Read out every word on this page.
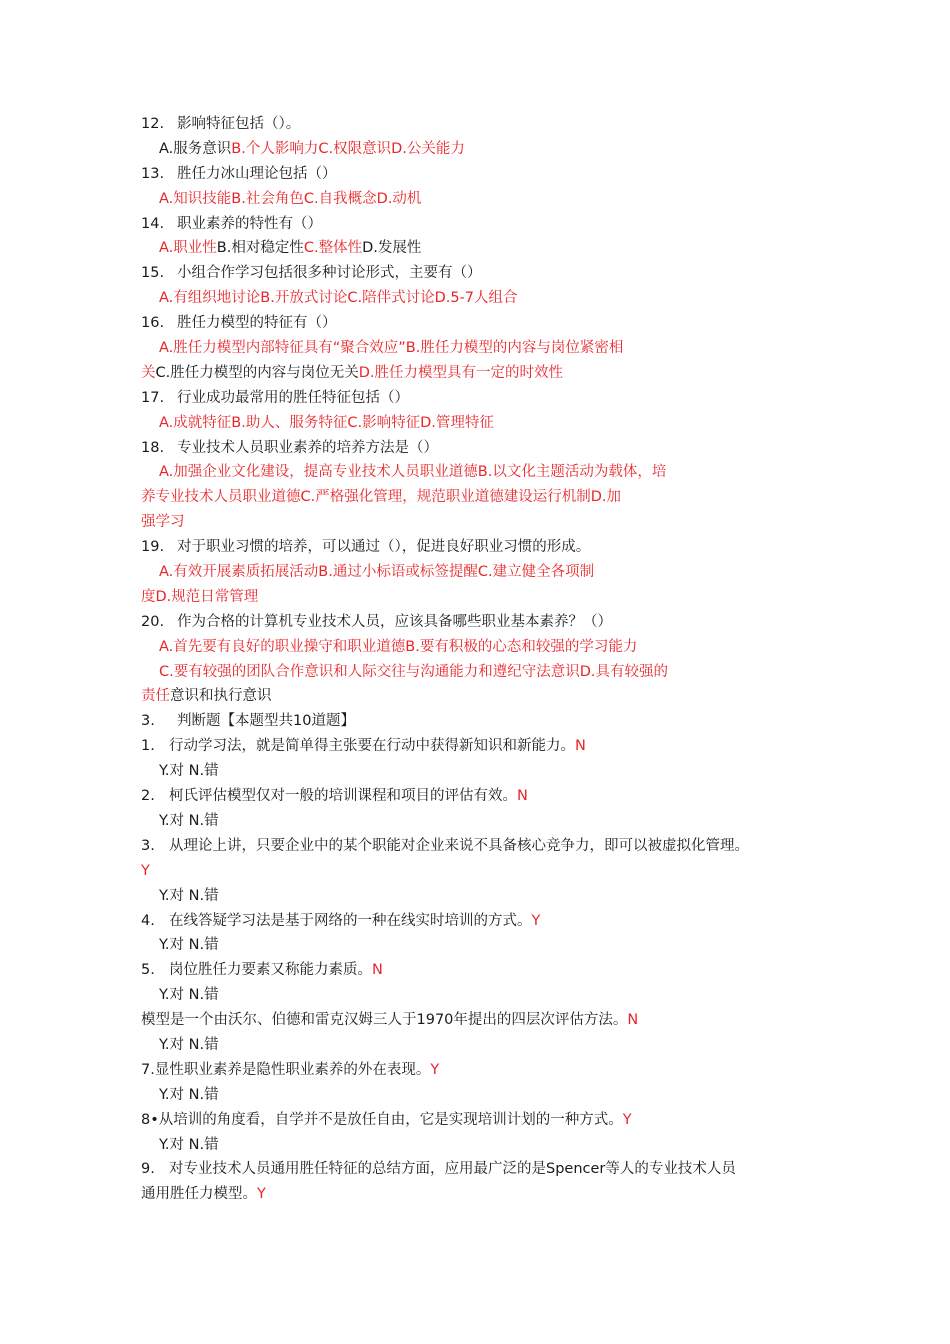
12. 影响特征包括（）。
A.服务意识B.个人影响力C.权限意识D.公关能力
13. 胜任力冰山理论包括（）
A.知识技能B.社会角色C.自我概念D.动机
14. 职业素养的特性有（）
A.职业性B.相对稳定性C.整体性D.发展性
15. 小组合作学习包括很多种讨论形式，主要有（）
A.有组织地讨论B.开放式讨论C.陪伴式讨论D.5-7人组合
16. 胜任力模型的特征有（）
A.胜任力模型内部特征具有“聚合效应”B.胜任力模型的内容与岗位紧密相
关C.胜任力模型的内容与岗位无关D.胜任力模型具有一定的时效性
17. 行业成功最常用的胜任特征包括（）
A.成就特征B.助人、服务特征C.影响特征D.管理特征
18. 专业技术人员职业素养的培养方法是（）
A.加强企业文化建设，提高专业技术人员职业道德B.以文化主题活动为载体，培
养专业技术人员职业道德C.严格强化管理，规范职业道德建设运行机制D.加
强学习
19. 对于职业习惯的培养，可以通过（），促进良好职业习惯的形成。
A.有效开展素质拓展活动B.通过小标语或标签提醒C.建立健全各项制
度D.规范日常管理
20. 作为合格的计算机专业技术人员，应该具备哪些职业基本素养？（）
A.首先要有良好的职业操守和职业道德B.要有积极的心态和较强的学习能力
C.要有较强的团队合作意识和人际交往与沟通能力和遵纪守法意识D.具有较强的
责任意识和执行意识
3. 判断题【本题型共10道题】
1. 行动学习法，就是简单得主张要在行动中获得新知识和新能力。N
Y.对 N.错
2. 柯氏评估模型仅对一般的培训课程和项目的评估有效。N
Y.对 N.错
3. 从理论上讲，只要企业中的某个职能对企业来说不具备核心竞争力，即可以被虚拟化管理。
Y
Y.对 N.错
4. 在线答疑学习法是基于网络的一种在线实时培训的方式。Y
Y.对 N.错
5. 岗位胜任力要素又称能力素质。N
Y.对 N.错
模型是一个由沃尔、伯德和雷克汉姆三人于1970年提出的四层次评估方法。N
Y.对 N.错
7.显性职业素养是隐性职业素养的外在表现。Y
Y.对 N.错
8•从培训的角度看，自学并不是放任自由，它是实现培训计划的一种方式。Y
Y.对 N.错
9. 对专业技术人员通用胜任特征的总结方面，应用最广泛的是Spencer等人的专业技术人员
通用胜任力模型。Y
